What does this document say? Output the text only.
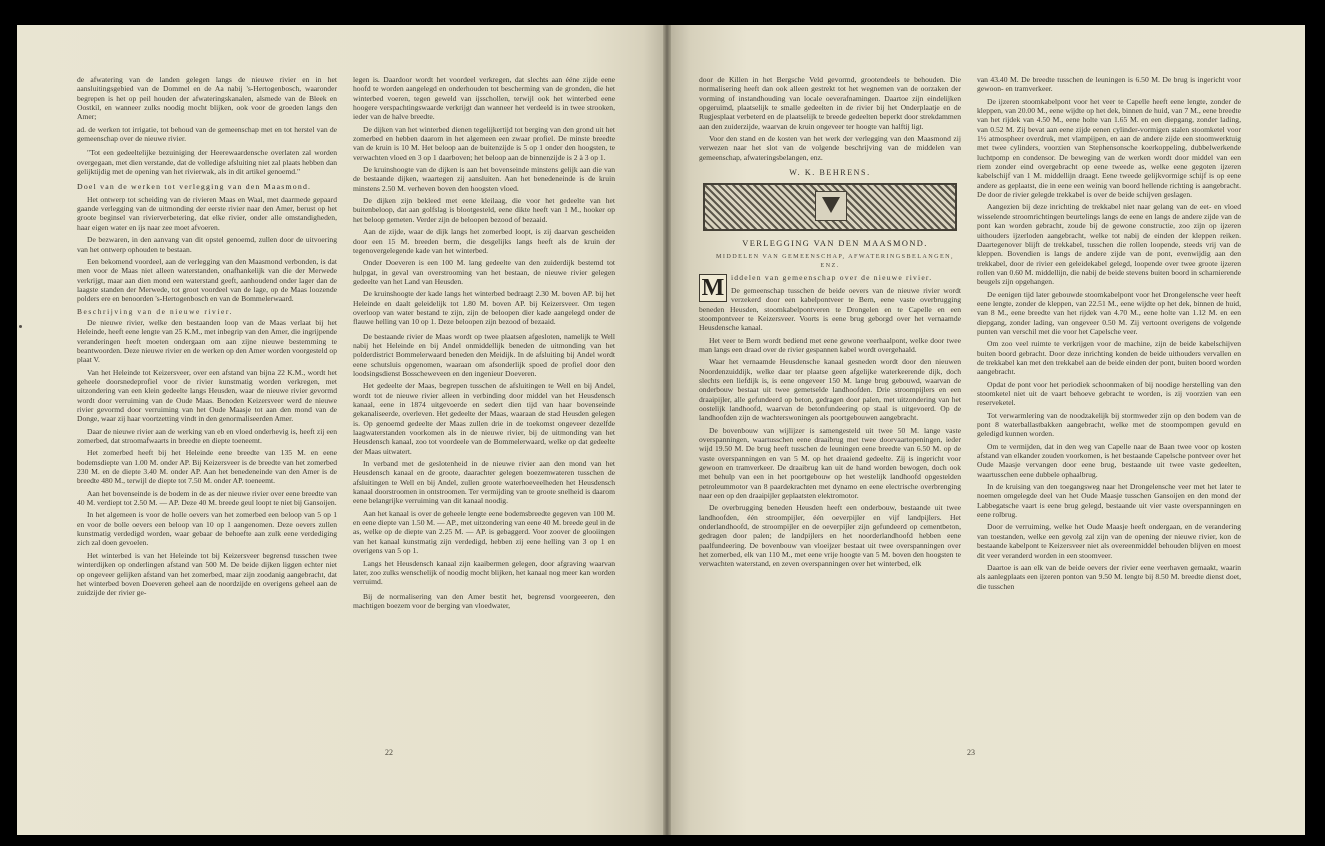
de afwatering van de landen gelegen langs de nieuwe rivier en in het aansluitingsgebied van de Dommel en de Aa nabij 's-Hertogenbosch, waaronder begrepen is het op peil houden der afwateringskanalen, alsmede van de Bleek en Oostkil, en wanneer zulks noodig mocht blijken, ook voor de groeden langs den Amer;

ad. de werken tot irrigatie, tot behoud van de gemeenschap met en tot herstel van de gemeenschap over de nieuwe rivier.

"Tot een gedeeltelijke bezuiniging der Heerewaardensche overlaten zal worden overgegaan, met dien verstande, dat de volledige afsluiting niet zal plaats hebben dan gelijktijdig met de opening van het rivierwak, als in dit artikel genoemd."

Doel van de werken tot verlegging van den Maasmond.

Het ontwerp tot scheiding van de rivieren Maas en Waal, met daarmede gepaard gaande verlegging van de uitmonding der eerste rivier naar den Amer, berust op het groote beginsel van rivierverbetering, dat elke rivier, onder alle omstandigheden, haar eigen water en ijs naar zee moet afvoeren.

De bezwaren, in den aanvang van dit opstel genoemd, zullen door de uitvoering van het ontwerp ophouden te bestaan.

Een bekomend voordeel, aan de verlegging van den Maasmond verbonden, is dat men voor de Maas niet alleen waterstanden, onafhankelijk van die der Merwede verkrijgt, maar aan dien mond een waterstand geeft, aanhoudend onder lager dan de laagste standen der Merwede, tot groot voordeel van de lage, op de Maas loozende polders ere en benoorden 's-Hertogenbosch en van de Bommelerwaard.

Beschrijving van de nieuwe rivier.

De nieuwe rivier, welke den bestaanden loop van de Maas verlaat bij het Heleinde, heeft eene lengte van 25 K.M., met inbegrip van den Amer, die ingrijpende veranderingen heeft moeten ondergaan om aan zijne nieuwe bestemming te beantwoorden. Deze nieuwe rivier en de werken op den Amer worden voorgesteld op plaat V.

Van het Heleinde tot Keizersveer, over een afstand van bijna 22 K.M., wordt het geheele doorsnedeprofiel voor de rivier kunstmatig worden verkregen, met uitzondering van een klein gedeelte langs Heusden, waar de nieuwe rivier gevormd wordt door verruiming van de Oude Maas. Benoden Keizersveer werd de nieuwe rivier gevormd door verruiming van het Oude Maasje tot aan den mond van de Donge, waar zij haar voortzetting vindt in den genormaliseerden Amer.

Daar de nieuwe rivier aan de werking van eb en vloed onderhevig is, heeft zij een zomerbed, dat stroomafwaarts in breedte en diepte toeneemt.

Het zomerbed heeft bij het Heleinde eene breedte van 135 M. en eene bodemsdiepte van 1.00 M. onder AP. Bij Keizersveer is de breedte van het zomerbed 230 M. en de diepte 3.40 M. onder AP. Aan het benedeneinde van den Amer is de breedte 480 M., terwijl de diepte tot 7.50 M. onder AP. toeneemt.

Aan het bovenseinde is de bodem in de as der nieuwe rivier over eene breedte van 40 M. verdiept tot 2.50 M. — AP. Deze 40 M. breede geul loopt te niet bij Gansoijen.

In het algemeen is voor de holle oevers van het zomerbed een beloop van 5 op 1 en voor de bolle oevers een beloop van 10 op 1 aangenomen. Deze oevers zullen kunstmatig verdedigd worden, waar gebaar de behoefte aan zulk eene verdediging zich zal doen gevoelen.

Het winterbed is van het Heleinde tot bij Keizersveer begrensd tusschen twee winterdijken op onderlingen afstand van 500 M. De beide dijken liggen echter niet op ongeveer gelijken afstand van het zomerbed, maar zijn zoodanig aangebracht, dat het winterbed boven Doeveren geheel aan de noordzijde en overigens geheel aan de zuidzijde der rivier ge-

legen is. Daardoor wordt het voordeel verkregen, dat slechts aan ééne zijde eene hoofd te worden aangelegd en onderhouden tot bescherming van de gronden, die het winterbed voeren, tegen geweld van ijsschollen, terwijl ook het winterbed eene hoogere verspachtingswaarde verkrijgt dan wanneer het verdeeld is in twee strooken, ieder van de halve breedte.

De dijken van het winterbed dienen tegelijkertijd tot berging van den grond uit het zomerbed en hebben daarom in het algemeen een zwaar profiel. De minste breedte van de kruin is 10 M. Het beloop aan de buitenzijde is 5 op 1 onder den hoogsten, te verwachten vloed en 3 op 1 daarboven; het beloop aan de binnenzijde is 2 à 3 op 1.

De kruinshoogte van de dijken is aan het bovenseinde minstens gelijk aan die van de bestaande dijken, waartegen zij aansluiten. Aan het benedeneinde is de kruin minstens 2.50 M. verheven boven den hoogsten vloed.

De dijken zijn bekleed met eene kleilaag, die voor het gedeelte van het buitenbeloop, dat aan golfslag is blootgesteld, eene dikte heeft van 1 M., hooker op het beloop gemeten. Verder zijn de beloopen bezood of bezaaid.

Aan de zijde, waar de dijk langs het zomerbed loopt, is zij daarvan gescheiden door een 15 M. breeden berm, die desgelijks langs heeft als de kruin der tegenovergelegende kade van het winterbed.

Onder Doeveren is een 100 M. lang gedeelte van den zuiderdijk bestemd tot hulpgat, in geval van overstrooming van het bestaan, de nieuwe rivier gelegen gedeelte van het Land van Heusden.

De kruinshoogte der kade langs het winterbed bedraagt 2.30 M. boven AP. bij het Heleinde en daalt geleidelijk tot 1.80 M. boven AP. bij Keizersveer. Om tegen overloop van water bestand te zijn, zijn de beloopen dier kade aangelegd onder de flauwe helling van 10 op 1. Deze beloopen zijn bezood of bezaaid.

De bestaande rivier de Maas wordt op twee plaatsen afgesloten, namelijk te Well nabij het Heleinde en bij Andel onmiddellijk beneden de uitmonding van het polderdistrict Bommelerwaard beneden den Meidijk. In de afsluiting bij Andel wordt eene schutsluis opgenomen, waaraan om afsonderlijk spoed de profiel door den loodsingsdienst Bosscheweveen en den ingenieur Doeveren.

Het gedeelte der Maas, begrepen tusschen de afsluitingen te Well en bij Andel, wordt tot de nieuwe rivier alleen in verbinding door middel van het Heusdensch kanaal, eene in 1874 uitgevoerde en sedert dien tijd van haar bovenseinde gekanaliseerde, overleven. Het gedeelte der Maas, waaraan de stad Heusden gelegen is. Op genoemd gedeelte der Maas zullen drie in de toekomst ongeveer dezelfde laagwaterstanden voorkomen als in de nieuwe rivier, bij de uitmonding van het Heusdensch kanaal, zoo tot voordeele van de Bommelerwaard, welke op dat gedeelte der Maas uitwatert.

In verband met de geslotenheid in de nieuwe rivier aan den mond van het Heusdensch kanaal en de groote, daarachter gelegen boezemwateren tusschen de afsluitingen te Well en bij Andel, zullen groote waterhoeveelheden het Heusdensch kanaal doorstroomen in ontstroomen. Ter vermijding van te groote snelheid is daarom eene belangrijke verruiming van dit kanaal noodig.

Aan het kanaal is over de geheele lengte eene bodemsbreedte gegeven van 100 M. en eene diepte van 1.50 M. — AP., met uitzondering van eene 40 M. breede geul in de as, welke op de diepte van 2.25 M. — AP. is gebaggerd. Voor zoover de glooiingen van het kanaal kunstmatig zijn verdedigd, hebben zij eene helling van 3 op 1 en overigens van 5 op 1.

Langs het Heusdensch kanaal zijn kaaibermen gelegen, door afgraving waarvan later, zoo zulks wenschelijk of noodig mocht blijken, het kanaal nog meer kan worden verruimd.

Bij de normalisering van den Amer bestit het, begrensd voorgeeeren, den machtigen boezem voor de berging van vloedwater,

22

door de Killen in het Bergsche Veld gevormd, grootendeels te behouden. Die normalisering heeft dan ook alleen gestrekt tot het wegnemen van de oorzaken der vorming of instandhouding van locale oeverafnamingen. Daartoe zijn eindelijken opgeruimd, plaatselijk te smalle gedeelten in de rivier bij het Onderplaatje en de Rugjesplaat verbeterd en de plaatselijk te breede gedeelten beperkt door strekdammen aan den zuiderzijde, waarvan de kruin ongeveer ter hoogte van halftij ligt.

Voor den stand en de kosten van het werk der verlegging van den Maasmond zij verwezen naar het slot van de volgende beschrijving van de middelen van gemeenschap, afwateringsbelangen, enz.

W. K. BEHRENS.

VERLEGGING VAN DEN MAASMOND.

MIDDELEN VAN GEMEENSCHAP, AFWATERINGSBELANGEN, ENZ.

M iddelen van gemeenschap over de nieuwe rivier.

De gemeenschap tusschen de beide oevers van de nieuwe rivier wordt verzekerd door een kabelpontveer te Bern, eene vaste overbrugging beneden Heusden, stoomkabelpontveren te Drongelen en te Capelle en een stoompontveer te Keizersveer. Voorts is eene brug geborgd over het vernaamde Heusdensche kanaal.

Het veer te Bern wordt bediend met eene gewone veerhaalpont, welke door twee man langs een draad over de rivier gespannen kabel wordt overgehaald.

Waar het vernaamde Heusdensche kanaal gesneden wordt door den nieuwen Noordenzuiddijk, welke daar ter plaatse geen afgelijke waterkeerende dijk, doch slechts een liefdijk is, is eene ongeveer 150 M. lange brug gebouwd, waarvan de onderbouw bestaat uit twee gemetselde landhoofden. Drie stroompijlers en een draaipijler, alle gefundeerd op beton, gedragen door palen, met uitzondering van het oostelijk landhoofd, waarvan de betonfundeering op staal is uitgevoerd. Op de landhoofden zijn de wachterswoningen als poortgebouwen aangebracht.

De bovenbouw van wijlijzer is samengesteld uit twee 50 M. lange vaste overspanningen, waartusschen eene draaibrug met twee doorvaartopeningen, ieder wijd 19.50 M. De brug heeft tusschen de leuningen eene breedte van 6.50 M. op de vaste overspanningen en van 5 M. op het draaiend gedeelte. Zij is ingericht voor gewoon en tramverkeer. De draaibrug kan uit de hand worden bewogen, doch ook met behulp van een in het poortgebouw op het westelijk landhoofd opgestelden petroleummotor van 8 paardekrachten met dynamo en eene electrische overbrenging naar een op den draaipijler geplaatsten elektromotor.

De overbrugging beneden Heusden heeft een onderbouw, bestaande uit twee landhoofden, één stroompijler, één oeverpijler en vijf landpijlers. Het onderlandhoofd, de stroompijler en de oeverpijler zijn gefundeerd op cementbeton, gedragen door palen; de landpijlers en het noorderlandhoofd hebben eene paalfundeering. De bovenbouw van vloeijzer bestaat uit twee overspanningen over het zomerbed, elk van 110 M., met eene vrije hoogte van 5 M. boven den hoogsten te verwachten waterstand, en zeven overspanningen over het winterbed, elk

van 43.40 M. De breedte tusschen de leuningen is 6.50 M. De brug is ingericht voor gewoon- en tramverkeer.

De ijzeren stoomkabelpont voor het veer te Capelle heeft eene lengte, zonder de kleppen, van 20.00 M., eene wijdte op het dek, binnen de huid, van 7 M., eene breedte van het rijdek van 4.50 M., eene holte van 1.65 M. en een diepgang, zonder lading, van 0.52 M. Zij bevat aan eene zijde eenen cylinder-vormigen stalen stoomketel voor 1½ atmospheer overdruk, met vlampijpen, en aan de andere zijde een stoomwerktuig met twee cylinders, voorzien van Stephensonsche koerkoppeling, dubbelwerkende luchtpomp en condensor. De beweging van de werken wordt door middel van een riem zonder eind overgebracht op eene tweede as, welke eene gegoten ijzeren kabelschijf van 1 M. middellijn draagt. Eene tweede gelijkvormige schijf is op eene andere as geplaatst, die in eene een weinig van boord hellende richting is aangebracht. De door de rivier gelegde trekkabel is over de beide schijven geslagen.

Aangezien bij deze inrichting de trekkabel niet naar gelang van de eet- en vloed wisselende stroomrichtingen beurtelings langs de eene en langs de andere zijde van de pont kan worden gebracht, zoude bij de gewone constructie, zoo zijn op ijzeren uithouders ijzerloden aangebracht, welke tot nabij de einden der kleppen reiken. Daartegenover blijft de trekkabel, tusschen die rollen loopende, steeds vrij van de kleppen. Bovendien is langs de andere zijde van de pont, evenwijdig aan den trekkabel, door de rivier een geleidekabel gelegd, loopende over twee groote ijzeren rollen van 0.60 M. middellijn, die nabij de beide stevens buiten boord in scharnierende beugels zijn opgehangen.

De eenigen tijd later gebouwde stoomkabelpont voor het Drongelensche veer heeft eene lengte, zonder de kleppen, van 22.51 M., eene wijdte op het dek, binnen de huid, van 8 M., eene breedte van het rijdek van 4.70 M., eene holte van 1.12 M. en een diepgang, zonder lading, van ongeveer 0.50 M. Zij vertoont overigens de volgende punten van verschil met die voor het Capelsche veer.

Om zoo veel ruimte te verkrijgen voor de machine, zijn de beide kabelschijven buiten boord gebracht. Door deze inrichting konden de beide uithouders vervallen en de trekkabel kan met den trekkabel aan de beide einden der pont, buiten boord worden aangebracht.

Opdat de pont voor het periodiek schoonmaken of bij noodige herstelling van den stoomketel niet uit de vaart behoeve gebracht te worden, is zij voorzien van een reserveketel.

Tot verwarmlering van de noodzakelijk bij stormweder zijn op den bodem van de pont 8 waterballastbakken aangebracht, welke met de stoompompen gevuld en geledigd kunnen worden.

Om te vermijden, dat in den weg van Capelle naar de Baan twee voor op kosten afstand van elkander zouden voorkomen, is het bestaande Capelsche pontveer over het Oude Maasje vervangen door eene brug, bestaande uit twee vaste gedeelten, waartusschen eene dubbele ophaalbrug.

In de kruising van den toegangsweg naar het Drongelensche veer met het later te noemen omgelegde deel van het Oude Maasje tusschen Gansoijen en den mond der Labbegatsche vaart is eene brug gelegd, bestaande uit vier vaste overspanningen en eene rolbrug.

Door de verruiming, welke het Oude Maasje heeft ondergaan, en de verandering van toestanden, welke een gevolg zal zijn van de opening der nieuwe rivier, kon de bestaande kabelpont te Keizersveer niet als overeenmiddel behouden blijven en moest dit veer veranderd worden in een stoomveer.

Daartoe is aan elk van de beide oevers der rivier eene veerhaven gemaakt, waarin als aanlegplaats een ijzeren ponton van 9.50 M. lengte bij 8.50 M. breedte dienst doet, die tusschen

23
